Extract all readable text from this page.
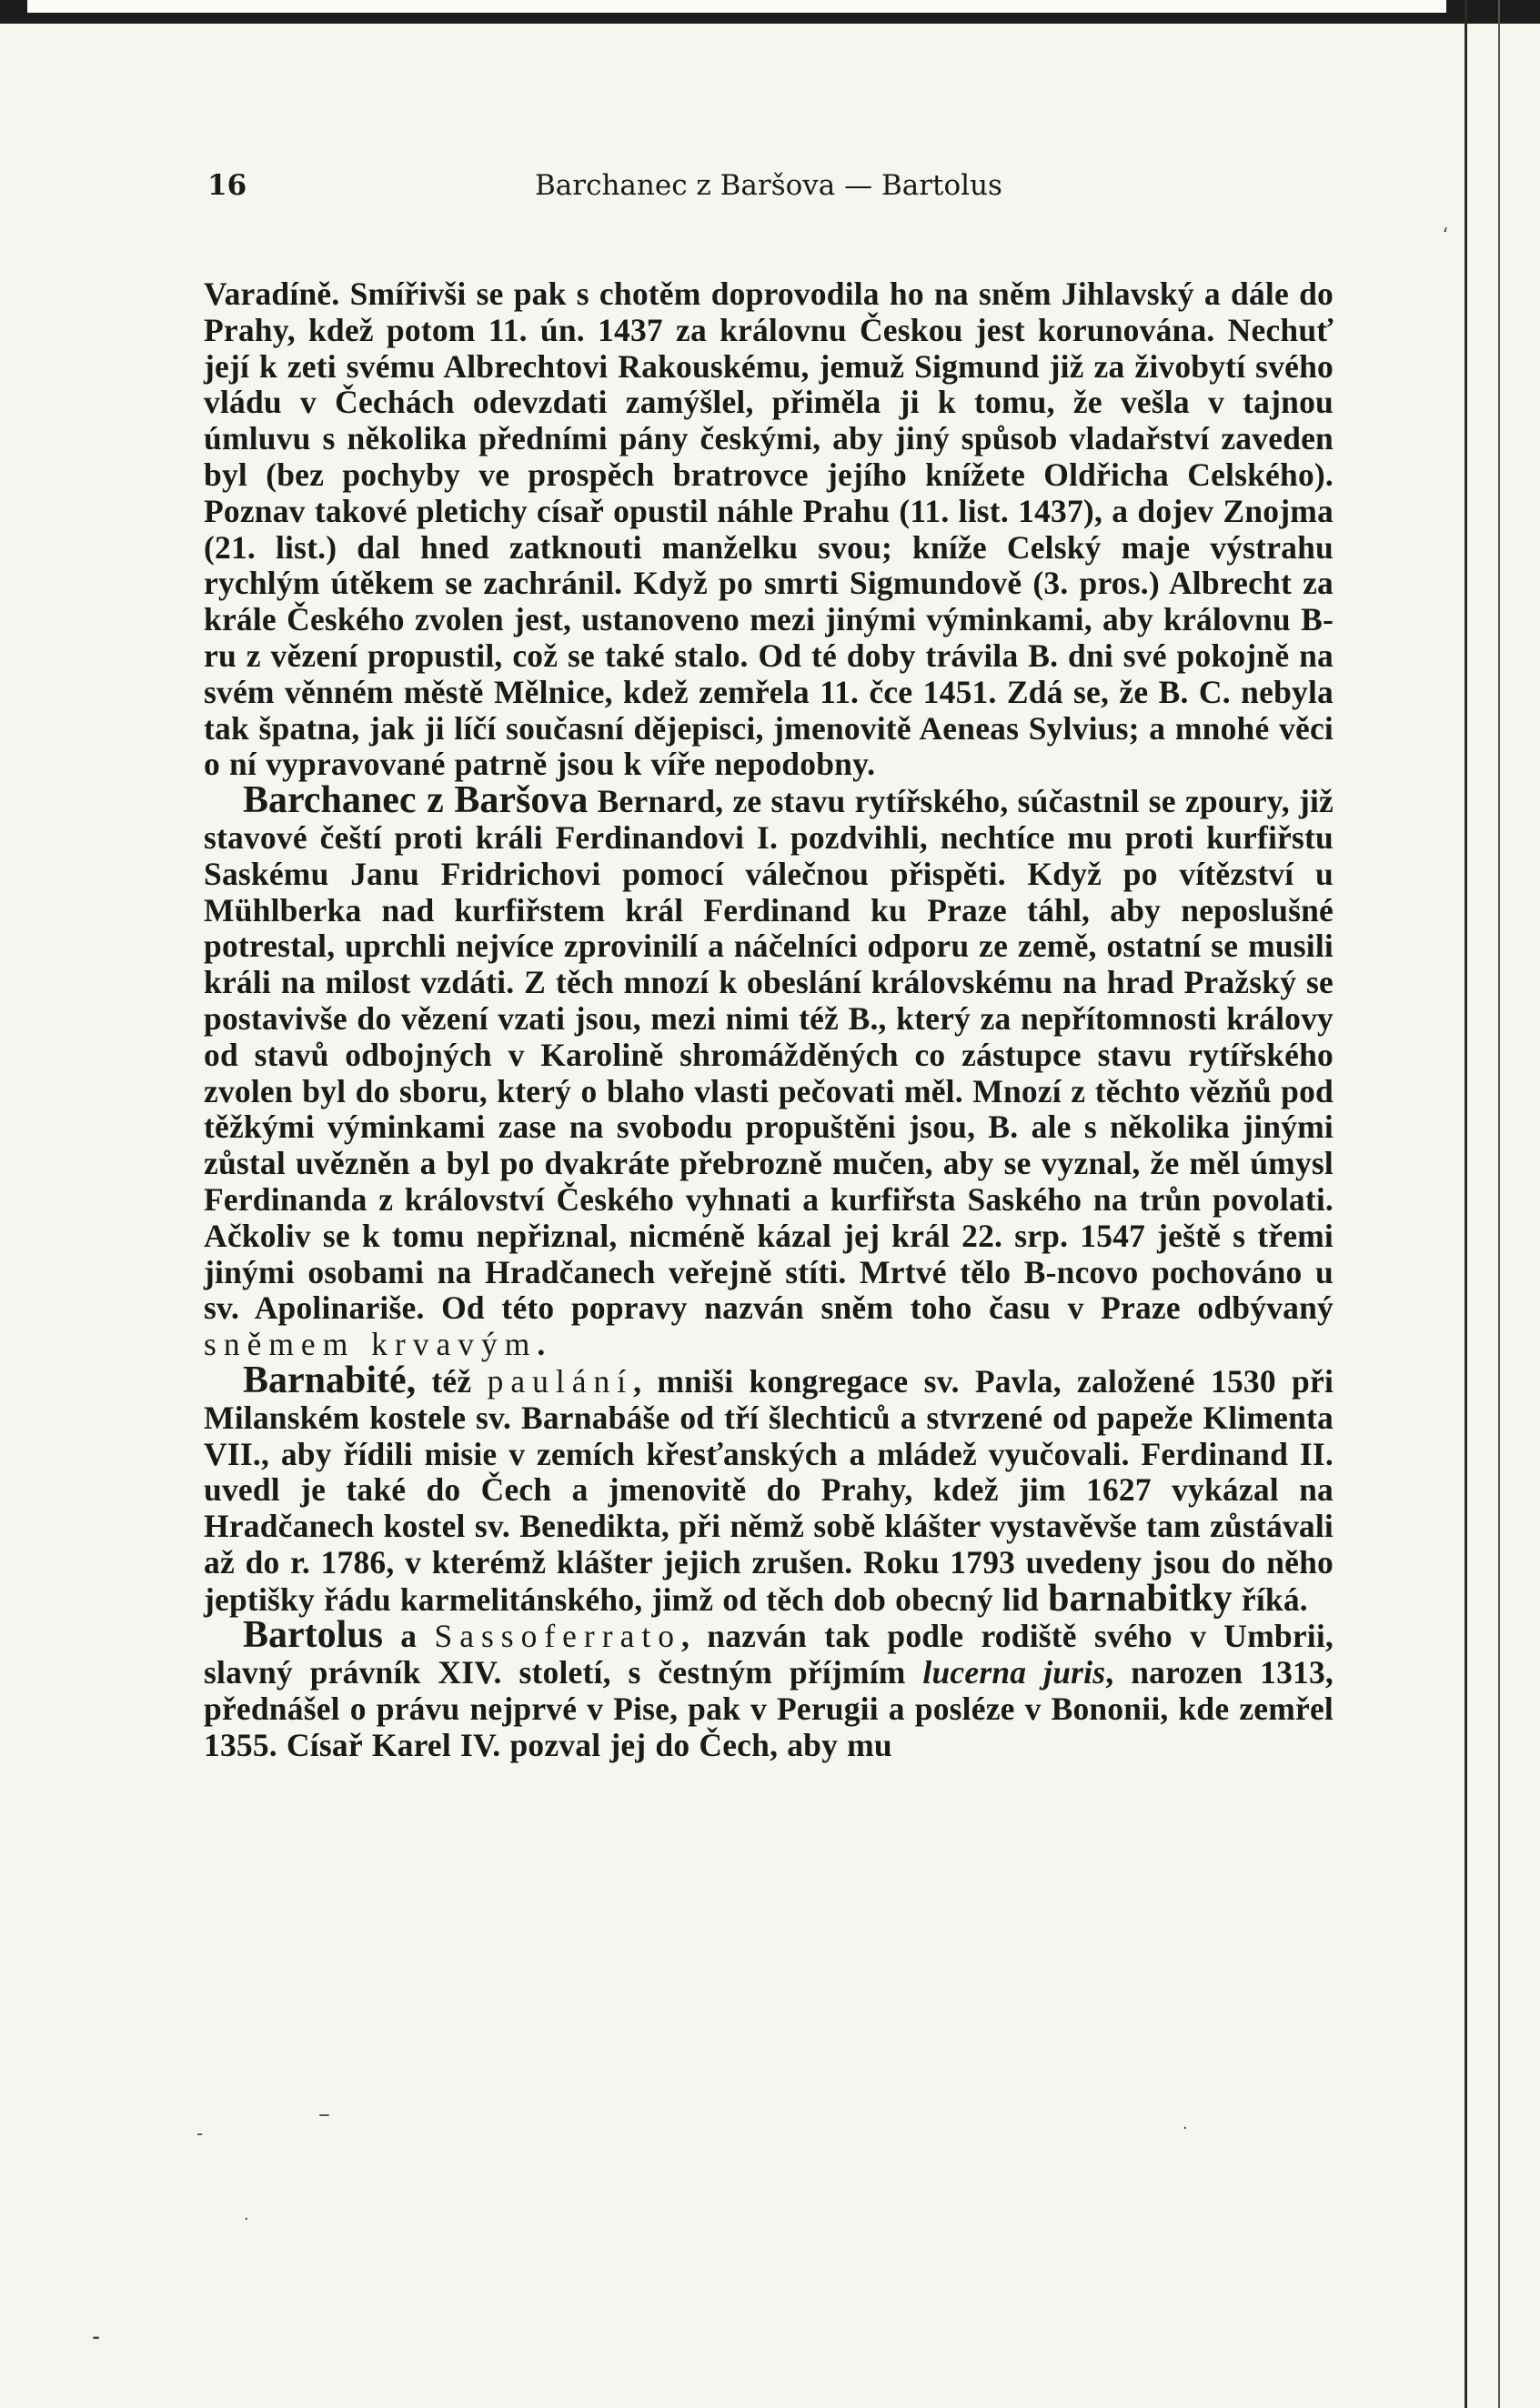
16	Barchanec z Baršova — Bartolus

Varadíně. Smířivši se pak s chotěm doprovodila ho na sněm Jihlavský a dále do Prahy, kdež potom 11. ún. 1437 za královnu Českou jest korunována. Nechuť její k zeti svému Albrechtovi Rakouskému, jemuž Sigmund již za živobytí svého vládu v Čechách odevzdati zamýšlel, přiměla ji k tomu, že vešla v tajnou úmluvu s několika předními pány českými, aby jiný spůsob vladařství zaveden byl (bez pochyby ve prospěch bratrovce jejího knížete Oldřicha Celského). Poznav takové pletichy císař opustil náhle Prahu (11. list. 1437), a dojev Znojma (21. list.) dal hned zatknouti manželku svou; kníže Celský maje výstrahu rychlým útěkem se zachránil. Když po smrti Sigmundově (3. pros.) Albrecht za krále Českého zvolen jest, ustanoveno mezi jinými výminkami, aby královnu B-ru z vězení propustil, což se také stalo. Od té doby trávila B. dni své pokojně na svém věnném městě Mělnice, kdež zemřela 11. čce 1451. Zdá se, že B. C. nebyla tak špatna, jak ji líčí současní dějepisci, jmenovitě Aeneas Sylvius; a mnohé věci o ní vypravované patrně jsou k víře nepodobny.

Barchanec z Baršova Bernard, ze stavu rytířského, súčastnil se zpoury, již stavové čeští proti králi Ferdinandovi I. pozdvihli, nechtíce mu proti kurfiřstu Saskému Janu Fridrichovi pomocí válečnou přispěti. Když po vítězství u Mühlberka nad kurfiřstem král Ferdinand ku Praze táhl, aby neposlušné potrestal, uprchli nejvíce zprovinilí a náčelníci odporu ze země, ostatní se musili králi na milost vzdáti. Z těch mnozí k obeslání královskému na hrad Pražský se postavivše do vězení vzati jsou, mezi nimi též B., který za nepřítomnosti královy od stavů odbojných v Karolině shromážděných co zástupce stavu rytířského zvolen byl do sboru, který o blaho vlasti pečovati měl. Mnozí z těchto vězňů pod těžkými výminkami zase na svobodu propuštěni jsou, B. ale s několika jinými zůstal uvězněn a byl po dvakráte přebrozně mučen, aby se vyznal, že měl úmysl Ferdinanda z království Českého vyhnati a kurfiřsta Saského na trůn povolati. Ačkoliv se k tomu nepřiznal, nicméně kázal jej král 22. srp. 1547 ještě s třemi jinými osobami na Hradčanech veřejně stíti. Mrtvé tělo B-ncovo pochováno u sv. Apolinariše. Od této popravy nazván sněm toho času v Praze odbývaný sněmem krvavým.

Barnabité, též paulání, mniši kongregace sv. Pavla, založené 1530 při Milanském kostele sv. Barnabáše od tří šlechticů a stvrzené od papeže Klimenta VII., aby řídili misie v zemích křesťanských a mládež vyučovali. Ferdinand II. uvedl je také do Čech a jmenovitě do Prahy, kdež jim 1627 vykázal na Hradčanech kostel sv. Benedikta, při němž sobě klášter vystavěvše tam zůstávali až do r. 1786, v kterémž klášter jejich zrušen. Roku 1793 uvedeny jsou do něho jeptišky řádu karmelitánského, jimž od těch dob obecný lid barnabitky říká.

Bartolus a Sassoferrato, nazván tak podle rodiště svého v Umbrii, slavný právník XIV. století, s čestným příjmím lucerna juris, narozen 1313, přednášel o právu nejprvé v Pise, pak v Perugii a posléze v Bononii, kde zemřel 1355. Císař Karel IV. pozval jej do Čech, aby mu

‘
–
‐
·
⁃
·
